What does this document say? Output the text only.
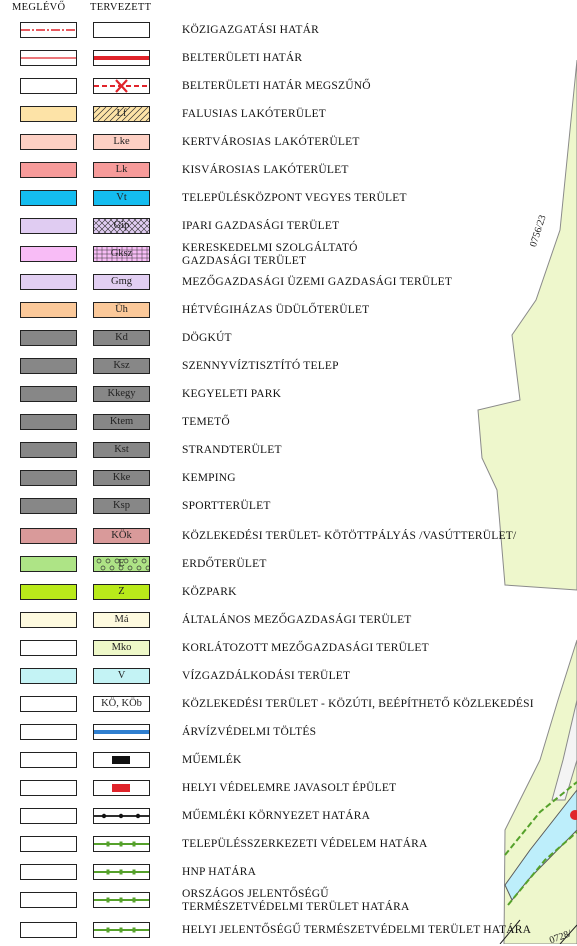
0756/23
0728/
MEGLÉVŐ TERVEZETT
KÖZIGAZGATÁSI HATÁR
BELTERÜLETI HATÁR
BELTERÜLETI HATÁR MEGSZŰNŐ
Lf	FALUSIAS LAKÓTERÜLET
Lke	KERTVÁROSIAS LAKÓTERÜLET
Lk	KISVÁROSIAS LAKÓTERÜLET
Vt	TELEPÜLÉSKÖZPONT VEGYES TERÜLET
Gip	IPARI GAZDASÁGI TERÜLET
Gksz	KERESKEDELMI SZOLGÁLTATÓ
GAZDASÁGI TERÜLET
Gmg	MEZŐGAZDASÁGI ÜZEMI GAZDASÁGI TERÜLET
Üh	HÉTVÉGIHÁZAS ÜDÜLŐTERÜLET
Kd	DÖGKÚT
Ksz	SZENNYVÍZTISZTÍTÓ TELEP
Kkegy	KEGYELETI PARK
Ktem	TEMETŐ
Kst	STRANDTERÜLET
Kke	KEMPING
Ksp	SPORTTERÜLET
KÖk	KÖZLEKEDÉSI TERÜLET- KÖTÖTTPÁLYÁS /VASÚTTERÜLET/
E	ERDŐTERÜLET
Z	KÖZPARK
Má	ÁLTALÁNOS MEZŐGAZDASÁGI TERÜLET
Mko	KORLÁTOZOTT MEZŐGAZDASÁGI TERÜLET
V	VÍZGAZDÁLKODÁSI TERÜLET
KÖ, KÖb	KÖZLEKEDÉSI TERÜLET - KÖZÚTI, BEÉPÍTHETŐ KÖZLEKEDÉSI
ÁRVÍZVÉDELMI TÖLTÉS
MŰEMLÉK
HELYI VÉDELEMRE JAVASOLT ÉPÜLET
MŰEMLÉKI KÖRNYEZET HATÁRA
TELEPÜLÉSSZERKEZETI VÉDELEM HATÁRA
HNP HATÁRA
ORSZÁGOS JELENTŐSÉGŰ
TERMÉSZETVÉDELMI TERÜLET HATÁRA
HELYI JELENTŐSÉGŰ TERMÉSZETVÉDELMI TERÜLET HATÁRA
